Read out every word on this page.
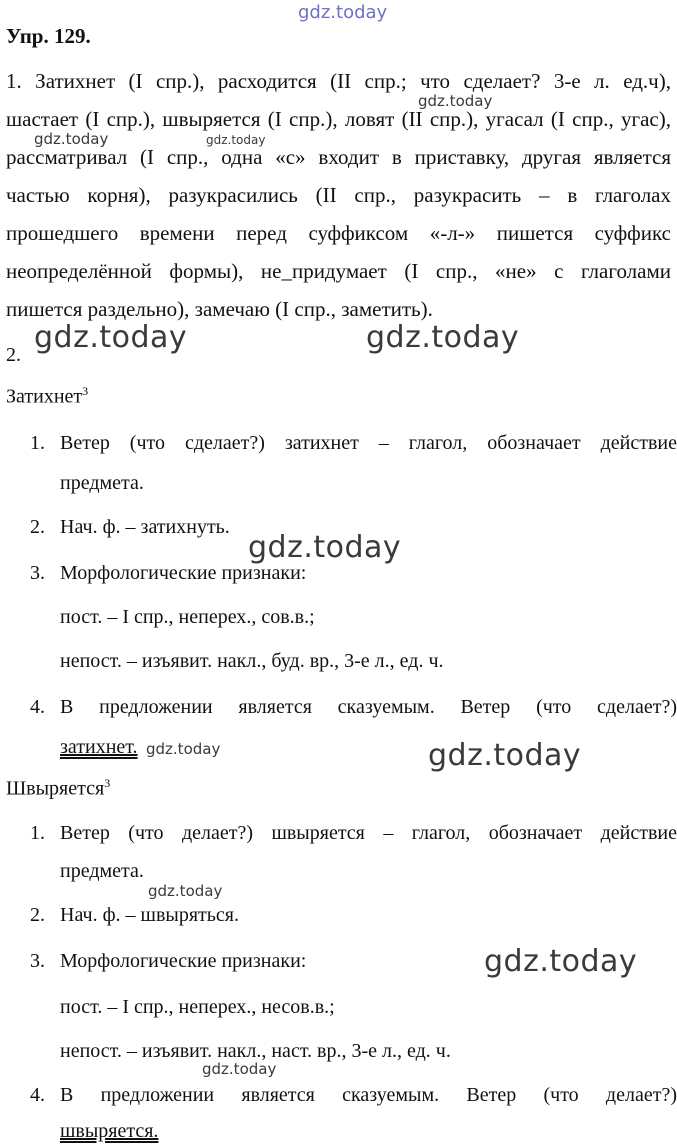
gdz.today
Упр. 129.
1. Затихнет (I спр.), расходится (II спр.; что сделает? 3-е л. ед.ч),
шастает (I спр.), швыряется (I спр.), ловят (II спр.), угасал (I спр., угас),
рассматривал (I спр., одна «с» входит в приставку, другая является
частью корня), разукрасились (II спр., разукрасить – в глаголах
прошедшего времени перед суффиксом «-л-» пишется суффикс
неопределённой формы), не_придумает (I спр., «не» с глаголами
пишется раздельно), замечаю (I спр., заметить).
gdz.today
gdz.today	gdz.today
gdz.today	gdz.today
2.
Затихнет$^3$
1. Ветер (что сделает?) затихнет – глагол, обозначает действие
предмета.
2. Нач. ф. – затихнуть.
gdz.today
3. Морфологические признаки:
пост. – I спр., неперех., сов.в.;
непост. – изъявит. накл., буд. вр., 3-е л., ед. ч.
4. В предложении является сказуемым. Ветер (что сделает?)
затихнет. gdz.today	gdz.today
Швыряется$^3$
1. Ветер (что делает?) швыряется – глагол, обозначает действие
предмета.
gdz.today
2. Нач. ф. – швыряться.
3. Морфологические признаки:	gdz.today
пост. – I спр., неперех., несов.в.;
непост. – изъявит. накл., наст. вр., 3-е л., ед. ч.
gdz.today
4. В предложении является сказуемым. Ветер (что делает?)
швыряется.
